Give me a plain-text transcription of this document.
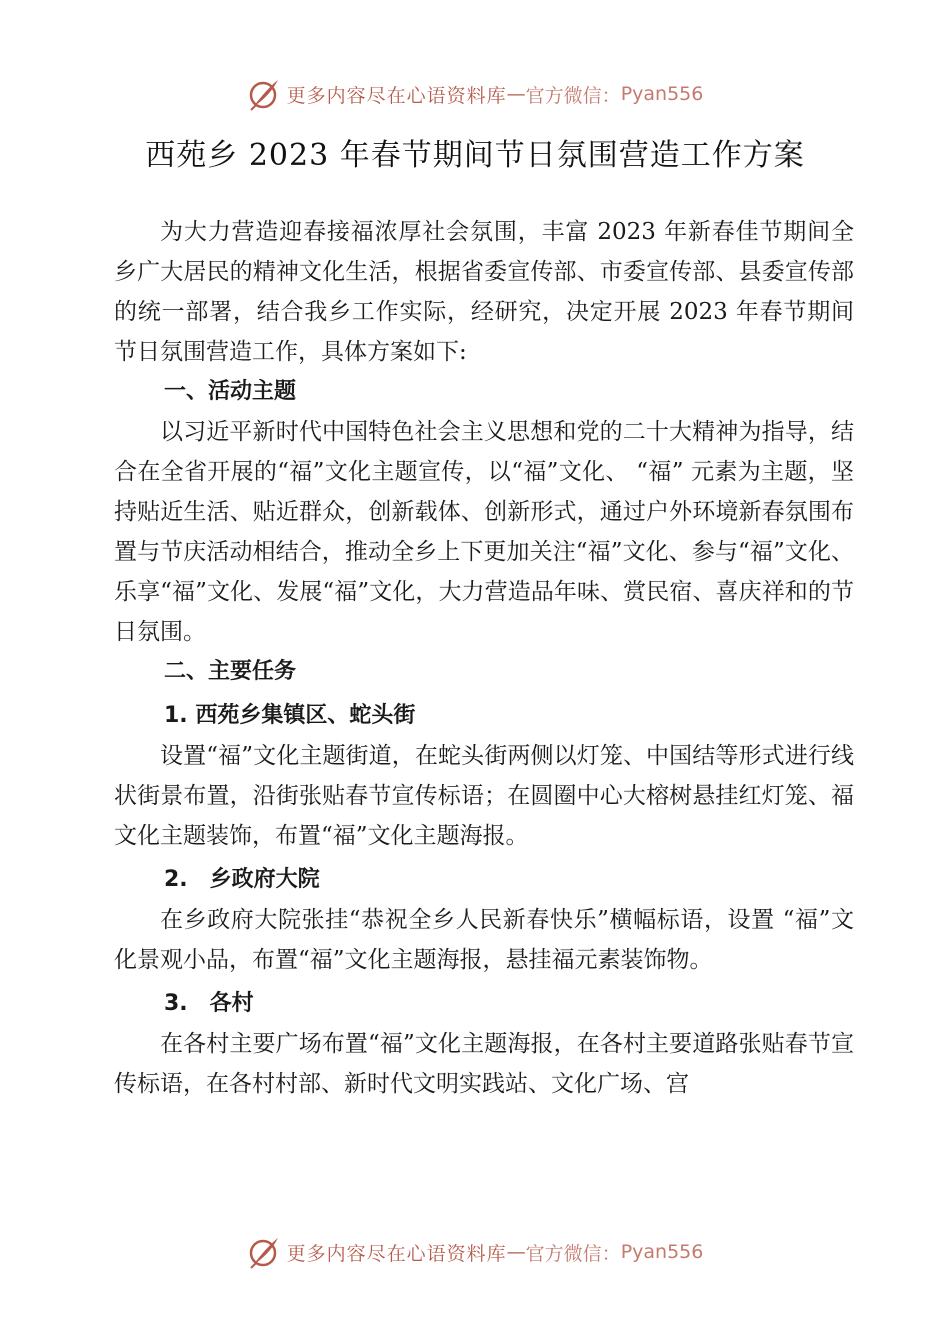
更多内容尽在心语资料库 — 官方微信： Pyan556
西苑乡 2023 年春节期间节日氛围营造工作方案

为大力营造迎春接福浓厚社会氛围，丰富 2023 年新春佳节期间全乡广大居民的精神文化生活，根据省委宣传部、市委宣传部、县委宣传部的统一部署，结合我乡工作实际，经研究，决定开展 2023 年春节期间节日氛围营造工作，具体方案如下:

一、活动主题

以习近平新时代中国特色社会主义思想和党的二十大精神为指导，结合在全省开展的“福”文化主题宣传，以“福”文化、 “福” 元素为主题，坚持贴近生活、贴近群众，创新载体、创新形式，通过户外环境新春氛围布置与节庆活动相结合，推动全乡上下更加关注“福”文化、参与“福”文化、乐享“福”文化、发展“福”文化，大力营造品年味、赏民宿、喜庆祥和的节日氛围。

二、主要任务
1. 西苑乡集镇区、蛇头街

设置“福”文化主题街道，在蛇头街两侧以灯笼、中国结等形式进行线状街景布置，沿街张贴春节宣传标语；在圆圈中心大榕树悬挂红灯笼、福文化主题装饰，布置“福”文化主题海报。

2.　乡政府大院

在乡政府大院张挂“恭祝全乡人民新春快乐”横幅标语，设置 “福”文化景观小品，布置“福”文化主题海报，悬挂福元素装饰物。

3.　各村

在各村主要广场布置“福”文化主题海报，在各村主要道路张贴春节宣传标语，在各村村部、新时代文明实践站、文化广场、宫

更多内容尽在心语资料库 — 官方微信： Pyan556
